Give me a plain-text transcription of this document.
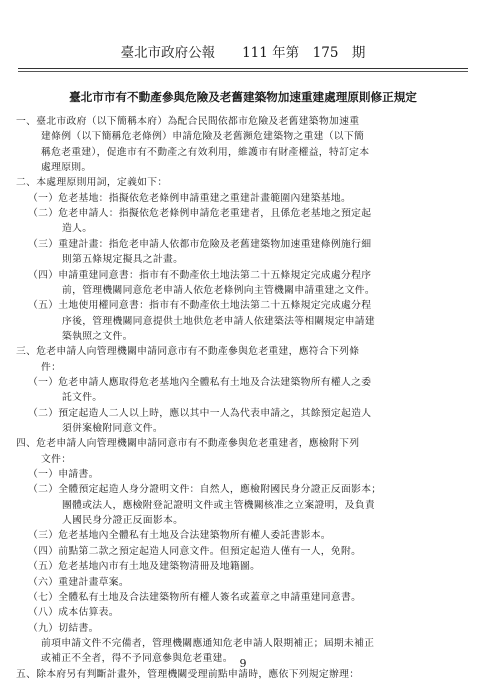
臺北市政府公報　　111 年第　175　期
臺北市市有不動產參與危險及老舊建築物加速重建處理原則修正規定
一、臺北市政府（以下簡稱本府）為配合民間依都市危險及老舊建築物加速重
建條例（以下簡稱危老條例）申請危險及老舊瀕危建築物之重建（以下簡
稱危老重建），促進市有不動產之有效利用，維護市有財產權益，特訂定本
處理原則。
二、本處理原則用詞，定義如下：
（一）危老基地：指擬依危老條例申請重建之重建計畫範圍內建築基地。
（二）危老申請人：指擬依危老條例申請危老重建者，且係危老基地之預定起
造人。
（三）重建計畫：指危老申請人依都市危險及老舊建築物加速重建條例施行細
則第五條規定擬具之計畫。
（四）申請重建同意書：指市有不動產依土地法第二十五條規定完成處分程序
前，管理機關同意危老申請人依危老條例向主管機關申請重建之文件。
（五）土地使用權同意書：指市有不動產依土地法第二十五條規定完成處分程
序後，管理機關同意提供土地供危老申請人依建築法等相關規定申請建
築執照之文件。
三、危老申請人向管理機關申請同意市有不動產參與危老重建，應符合下列條
件：
（一）危老申請人應取得危老基地內全體私有土地及合法建築物所有權人之委
託文件。
（二）預定起造人二人以上時，應以其中一人為代表申請之，其餘預定起造人
須併案檢附同意文件。
四、危老申請人向管理機關申請同意市有不動產參與危老重建者，應檢附下列
文件：
（一）申請書。
（二）全體預定起造人身分證明文件：自然人，應檢附國民身分證正反面影本；
團體或法人，應檢附登記證明文件或主管機關核准之立案證明，及負責
人國民身分證正反面影本。
（三）危老基地內全體私有土地及合法建築物所有權人委託書影本。
（四）前點第二款之預定起造人同意文件。但預定起造人僅有一人，免附。
（五）危老基地內市有土地及建築物清冊及地籍圖。
（六）重建計畫草案。
（七）全體私有土地及合法建築物所有權人簽名或蓋章之申請重建同意書。
（八）成本估算表。
（九）切結書。
前項申請文件不完備者，管理機關應通知危老申請人限期補正；屆期未補正
或補正不全者，得不予同意參與危老重建。
五、除本府另有判斷計畫外，管理機關受理前點申請時，應依下列規定辦理：
9
